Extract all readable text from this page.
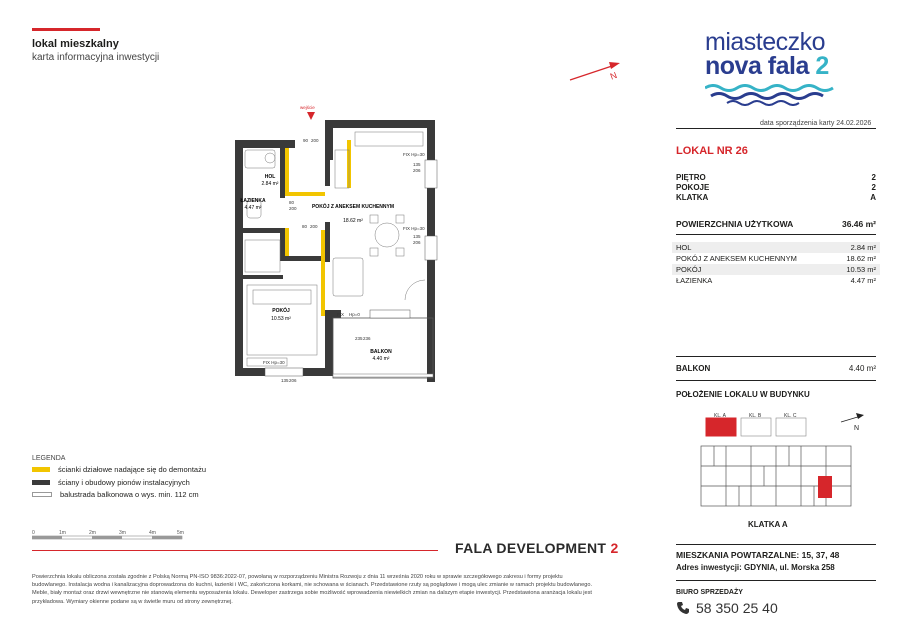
lokal mieszkalny
karta informacyjna inwestycji
N
miasteczko
nova fala 2
data sporządzenia karty 24.02.2026
LOKAL NR 26
PIĘTRO	2
POKOJE	2
KLATKA	A
POWIERZCHNIA UŻYTKOWA	36.46 m²
HOL	2.84 m²
POKÓJ Z ANEKSEM KUCHENNYM	18.62 m²
POKÓJ	10.53 m²
ŁAZIENKA	4.47 m²
BALKON	4.40 m²
POŁOŻENIE LOKALU W BUDYNKU
KL. A	KL. B	KL. C
N
KLATKA A
MIESZKANIA POWTARZALNE: 15, 37, 48
Adres inwestycji: GDYNIA, ul. Morska 258
BIURO SPRZEDAŻY
58 350 25 40
wejście
HOL
2.84 m²
ŁAZIENKA
4.47 m²	POKÓJ Z ANEKSEM KUCHENNYM
18.62 m²
POKÓJ
10.53 m²
BALKON
4.40 m²
90 200
80
200
80 200
135
206
135
206
235 236
135 206
FIX Hp=30
FIX Hp=30
FIX Hp=0
FIX Hp=30
LEGENDA
ścianki działowe nadające się do demontażu
ściany i obudowy pionów instalacyjnych
balustrada balkonowa o wys. min. 112 cm
0	1m	2m	3m	4m	5m
FALA DEVELOPMENT 2
Powierzchnia lokalu obliczona została zgodnie z Polską Normą PN-ISO 9836:2022-07, powołaną w rozporządzeniu Ministra Rozwoju z dnia 11 września 2020 roku w sprawie szczegółowego zakresu i formy projektu budowlanego. Instalacja wodna i kanalizacyjna doprowadzona do kuchni, łazienki i WC, zakończona korkami, nie schowana w ścianach. Przedstawione rzuty są poglądowe i mogą ulec zmianie w ramach projektu budowlanego. Meble, biały montaż oraz drzwi wewnętrzne nie stanowią elementu wyposażenia lokalu. Deweloper zastrzega sobie możliwość wprowadzenia niewielkich zmian na dalszym etapie inwestycji. Przedstawiona aranżacja lokalu jest przykładowa. Wymiary okienne podane są w świetle muru od strony zewnętrznej.
